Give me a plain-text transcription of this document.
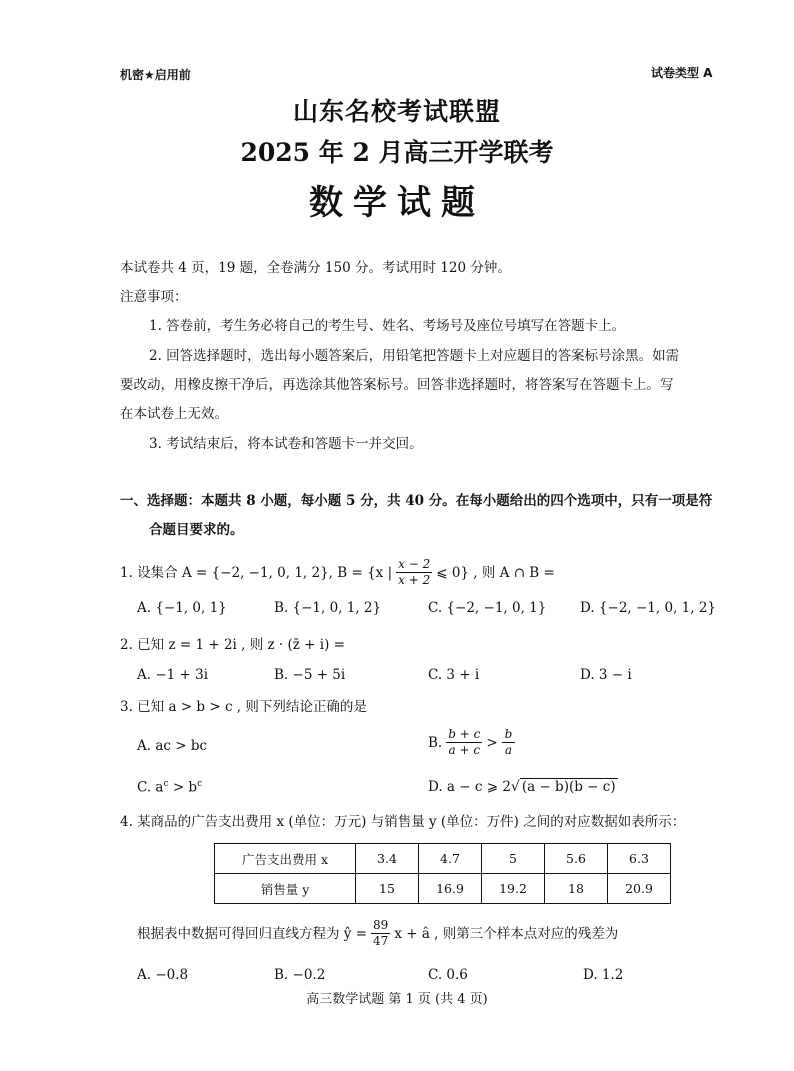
机密★启用前	试卷类型 A
山东名校考试联盟
2025 年 2 月高三开学联考
数学试题
本试卷共 4 页，19 题，全卷满分 150 分。考试用时 120 分钟。
注意事项：
1. 答卷前，考生务必将自己的考生号、姓名、考场号及座位号填写在答题卡上。
2. 回答选择题时，选出每小题答案后，用铅笔把答题卡上对应题目的答案标号涂黑。如需
要改动，用橡皮擦干净后，再选涂其他答案标号。回答非选择题时，将答案写在答题卡上。写
在本试卷上无效。
3. 考试结束后，将本试卷和答题卡一并交回。
一、选择题：本题共 8 小题，每小题 5 分，共 40 分。在每小题给出的四个选项中，只有一项是符
合题目要求的。
1. 设集合 A = {−2, −1, 0, 1, 2}, B = {x | $\frac{x - 2}{x + 2}$ ⩽ 0} , 则 A ∩ B =
A. {−1, 0, 1}	B. {−1, 0, 1, 2}	C. {−2, −1, 0, 1} D. {−2, −1, 0, 1, 2}
2. 已知 z = 1 + 2i , 则 z · (z̄ + i) =
A. −1 + 3i	B. −5 + 5i	C. 3 + i	D. 3 − i
3. 已知 a > b > c , 则下列结论正确的是
A. ac > bc	B. $\frac{b + c}{a + c} > \frac{b}{a}$
C. $a^c > b^c$	D. a − c ⩾ 2√ (a − b)(b − c)
4. 某商品的广告支出费用 x (单位：万元) 与销售量 y (单位：万件) 之间的对应数据如表所示：
广告支出费用 x	3.4	4.7	5	5.6	6.3
销售量 y	15	16.9	19.2	18	20.9
根据表中数据可得回归直线方程为 ŷ = $\frac{89}{47}$ x + â , 则第三个样本点对应的残差为
A. −0.8	B. −0.2	C. 0.6	D. 1.2
高三数学试题 第 1 页 (共 4 页)
